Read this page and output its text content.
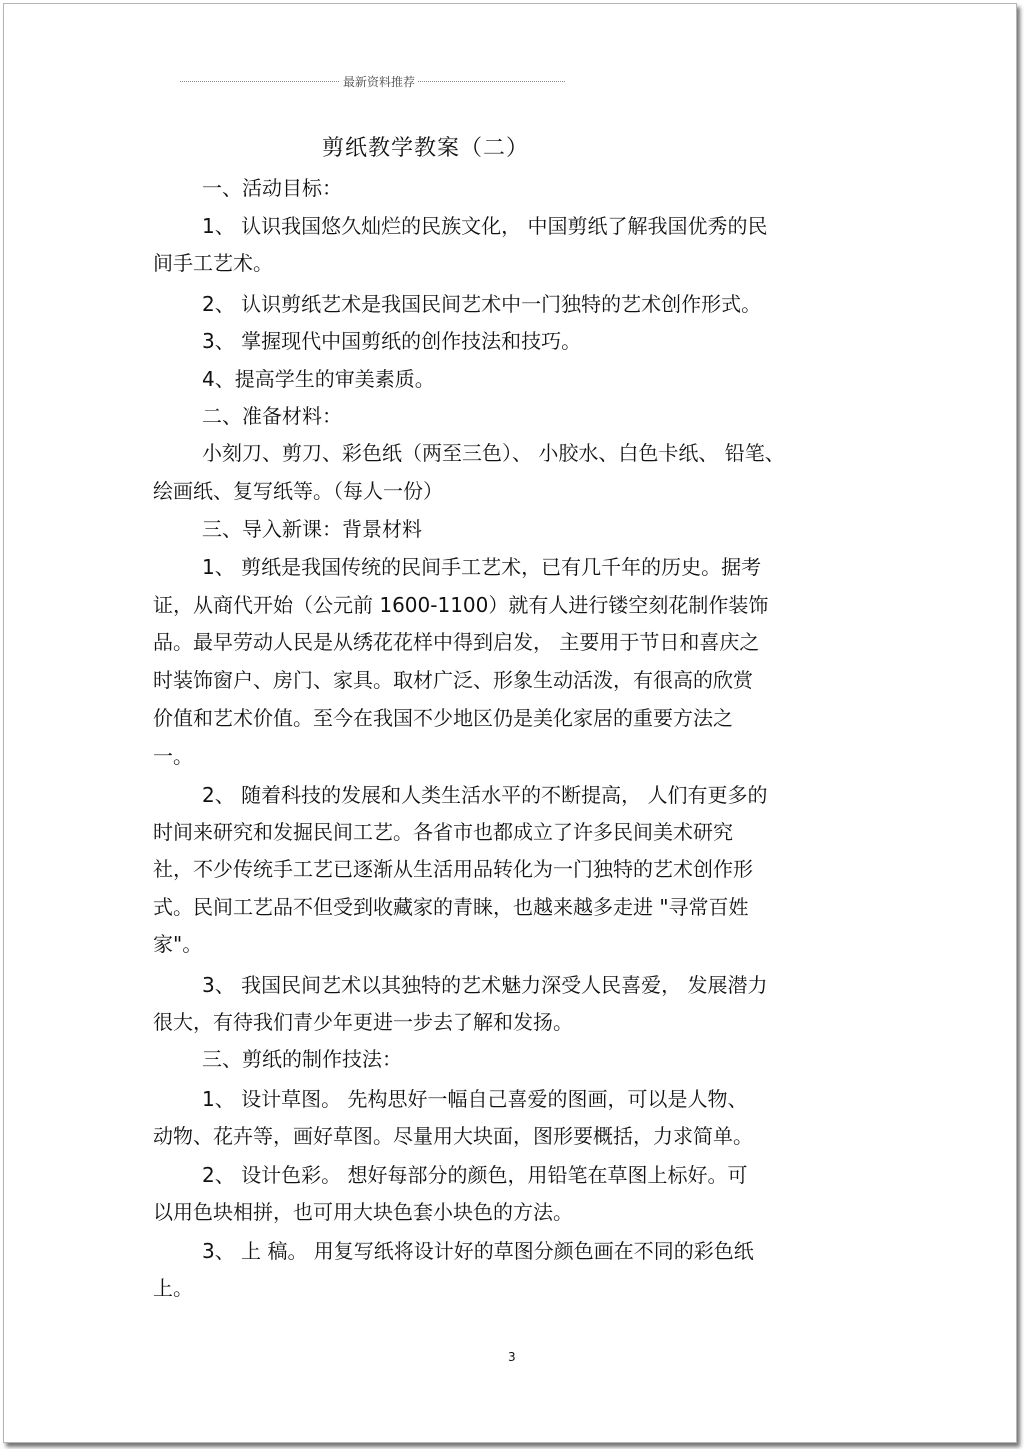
最新资料推荐
剪纸教学教案（二）
一、活动目标：
1、 认识我国悠久灿烂的民族文化， 中国剪纸了解我国优秀的民
间手工艺术。
2、 认识剪纸艺术是我国民间艺术中一门独特的艺术创作形式。
3、 掌握现代中国剪纸的创作技法和技巧。
4、提高学生的审美素质。
二、准备材料：
小刻刀、剪刀、彩色纸（两至三色）、 小胶水、白色卡纸、 铅笔、
绘画纸、复写纸等。（每人一份）
三、导入新课：背景材料
1、 剪纸是我国传统的民间手工艺术，已有几千年的历史。据考
证，从商代开始（公元前 1600-1100）就有人进行镂空刻花制作装饰
品。最早劳动人民是从绣花花样中得到启发， 主要用于节日和喜庆之
时装饰窗户、房门、家具。取材广泛、形象生动活泼，有很高的欣赏
价值和艺术价值。至今在我国不少地区仍是美化家居的重要方法之
一。
2、 随着科技的发展和人类生活水平的不断提高， 人们有更多的
时间来研究和发掘民间工艺。各省市也都成立了许多民间美术研究
社，不少传统手工艺已逐渐从生活用品转化为一门独特的艺术创作形
式。民间工艺品不但受到收藏家的青睐，也越来越多走进 "寻常百姓
家"。
3、 我国民间艺术以其独特的艺术魅力深受人民喜爱， 发展潜力
很大，有待我们青少年更进一步去了解和发扬。
三、剪纸的制作技法：
1、 设计草图。 先构思好一幅自己喜爱的图画，可以是人物、
动物、花卉等，画好草图。尽量用大块面，图形要概括，力求简单。
2、 设计色彩。 想好每部分的颜色，用铅笔在草图上标好。可
以用色块相拼，也可用大块色套小块色的方法。
3、 上 稿。 用复写纸将设计好的草图分颜色画在不同的彩色纸
上。
3
